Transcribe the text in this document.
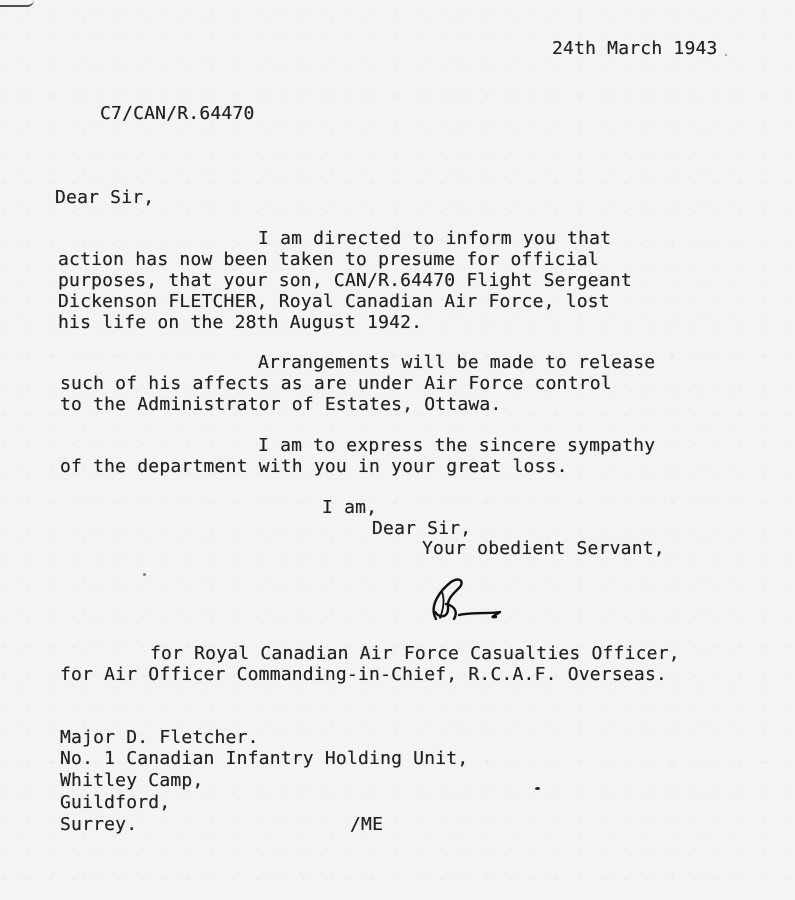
24th March 1943
C7/CAN/R.64470
Dear Sir,
I am directed to inform you that
action has now been taken to presume for official
purposes, that your son, CAN/R.64470 Flight Sergeant
Dickenson FLETCHER, Royal Canadian Air Force, lost
his life on the 28th August 1942.
Arrangements will be made to release
such of his affects as are under Air Force control
to the Administrator of Estates, Ottawa.
I am to express the sincere sympathy
of the department with you in your great loss.
I am,
Dear Sir,
Your obedient Servant,
for Royal Canadian Air Force Casualties Officer,
for Air Officer Commanding-in-Chief, R.C.A.F. Overseas.
Major D. Fletcher.
No. 1 Canadian Infantry Holding Unit,
Whitley Camp,
Guildford,
Surrey.	/ME
